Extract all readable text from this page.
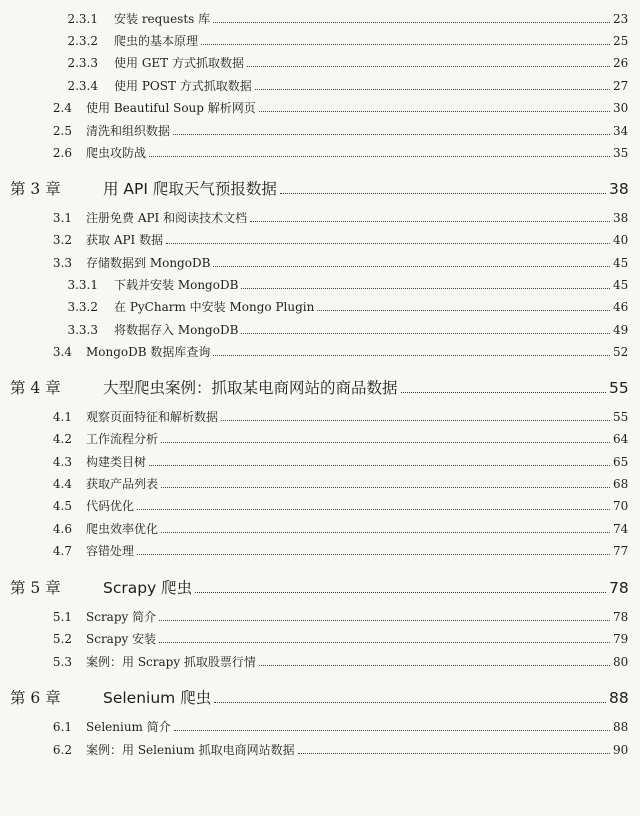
2.3.1	安装 requests 库	23
2.3.2	爬虫的基本原理	25
2.3.3	使用 GET 方式抓取数据	26
2.3.4	使用 POST 方式抓取数据	27
2.4	使用 Beautiful Soup 解析网页	30
2.5	清洗和组织数据	34
2.6	爬虫攻防战	35
第 3 章	用 API 爬取天气预报数据	38
3.1	注册免费 API 和阅读技术文档	38
3.2	获取 API 数据	40
3.3	存储数据到 MongoDB	45
3.3.1	下载并安装 MongoDB	45
3.3.2	在 PyCharm 中安装 Mongo Plugin	46
3.3.3	将数据存入 MongoDB	49
3.4	MongoDB 数据库查询	52
第 4 章	大型爬虫案例：抓取某电商网站的商品数据	55
4.1	观察页面特征和解析数据	55
4.2	工作流程分析	64
4.3	构建类目树	65
4.4	获取产品列表	68
4.5	代码优化	70
4.6	爬虫效率优化	74
4.7	容错处理	77
第 5 章	Scrapy 爬虫	78
5.1	Scrapy 简介	78
5.2	Scrapy 安装	79
5.3	案例：用 Scrapy 抓取股票行情	80
第 6 章	Selenium 爬虫	88
6.1	Selenium 简介	88
6.2	案例：用 Selenium 抓取电商网站数据	90
